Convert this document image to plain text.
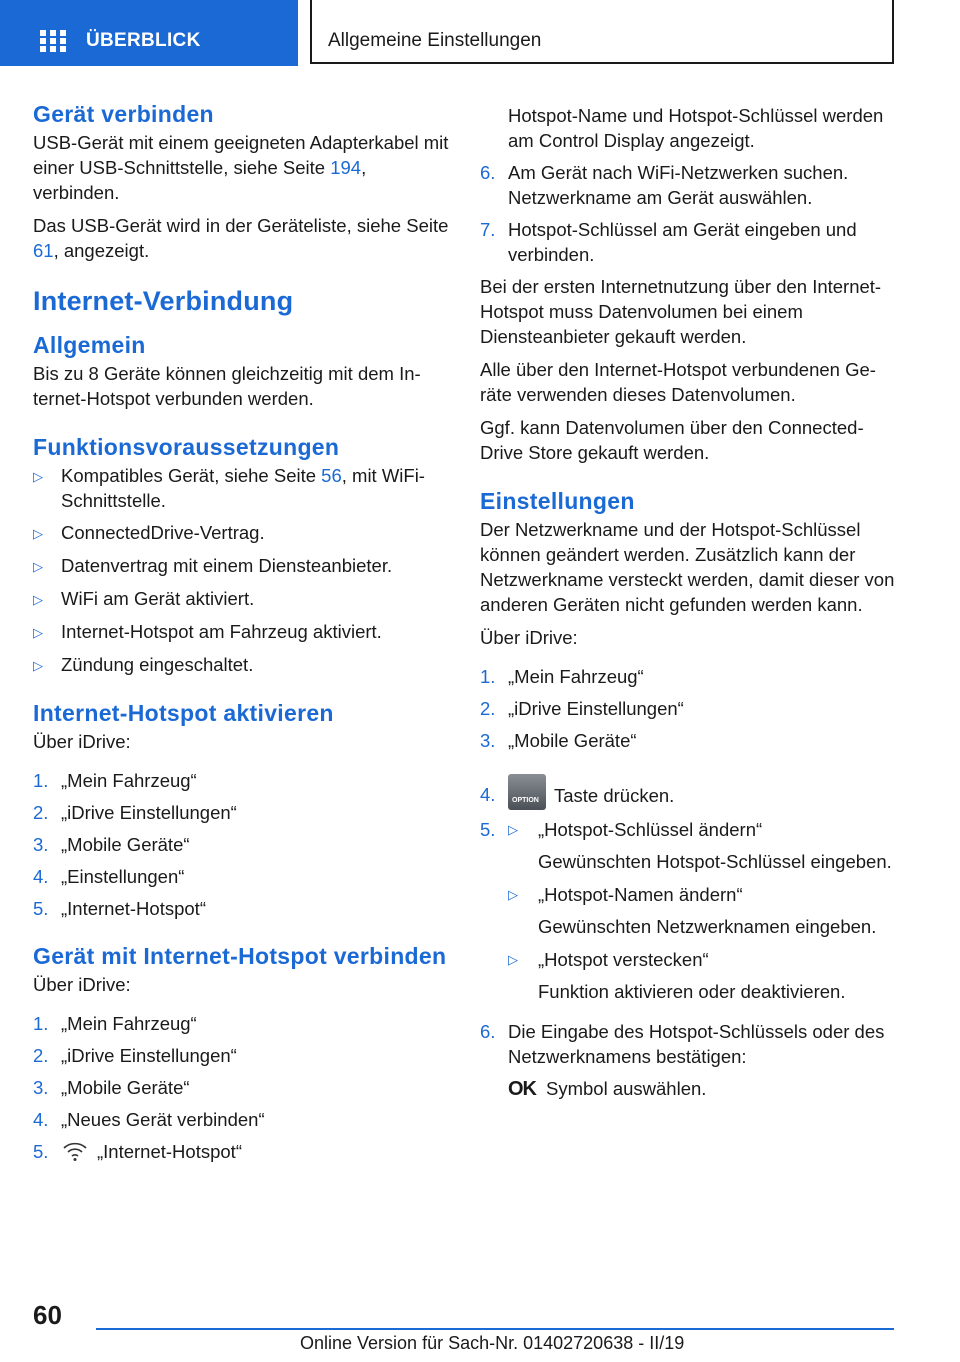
ÜBERBLICK	Allgemeine Einstellungen
Gerät verbinden

USB-Gerät mit einem geeigneten Adapterkabel mit einer USB-Schnittstelle, siehe Seite 194, verbinden.

Das USB-Gerät wird in der Geräteliste, siehe Seite 61, angezeigt.

Internet-Verbindung
Allgemein

Bis zu 8 Geräte können gleichzeitig mit dem Internet-Hotspot verbunden werden.

Funktionsvoraussetzungen
▷ Kompatibles Gerät, siehe Seite 56, mit WiFi-Schnittstelle.
▷ ConnectedDrive-Vertrag.
▷ Datenvertrag mit einem Diensteanbieter.
▷ WiFi am Gerät aktiviert.
▷ Internet-Hotspot am Fahrzeug aktiviert.
▷ Zündung eingeschaltet.
Internet-Hotspot aktivieren

Über iDrive:

1. „Mein Fahrzeug“
2. „iDrive Einstellungen“
3. „Mobile Geräte“
4. „Einstellungen“
5. „Internet-Hotspot“
Gerät mit Internet-Hotspot verbinden

Über iDrive:

1. „Mein Fahrzeug“
2. „iDrive Einstellungen“
3. „Mobile Geräte“
4. „Neues Gerät verbinden“
5.	„Internet-Hotspot“
Hotspot-Name und Hotspot-Schlüssel werden am Control Display angezeigt.
6. Am Gerät nach WiFi-Netzwerken suchen. Netzwerkname am Gerät auswählen.
7. Hotspot-Schlüssel am Gerät eingeben und verbinden.

Bei der ersten Internetnutzung über den Internet-Hotspot muss Datenvolumen bei einem Diensteanbieter gekauft werden.

Alle über den Internet-Hotspot verbundenen Geräte verwenden dieses Datenvolumen.

Ggf. kann Datenvolumen über den ConnectedDrive Store gekauft werden.

Einstellungen

Der Netzwerkname und der Hotspot-Schlüssel können geändert werden. Zusätzlich kann der Netzwerkname versteckt werden, damit dieser von anderen Geräten nicht gefunden werden kann.

Über iDrive:

1. „Mein Fahrzeug“
2. „iDrive Einstellungen“
3. „Mobile Geräte“
4.	OPTION Taste drücken.
5. ▷	„Hotspot-Schlüssel ändern“

Gewünschten Hotspot-Schlüssel eingeben.

▷	„Hotspot-Namen ändern“

Gewünschten Netzwerknamen eingeben.

▷	„Hotspot verstecken“

Funktion aktivieren oder deaktivieren.

6. Die Eingabe des Hotspot-Schlüssels oder des Netzwerknamens bestätigen:
OK Symbol auswählen.
60
Online Version für Sach-Nr. 01402720638 - II/19
